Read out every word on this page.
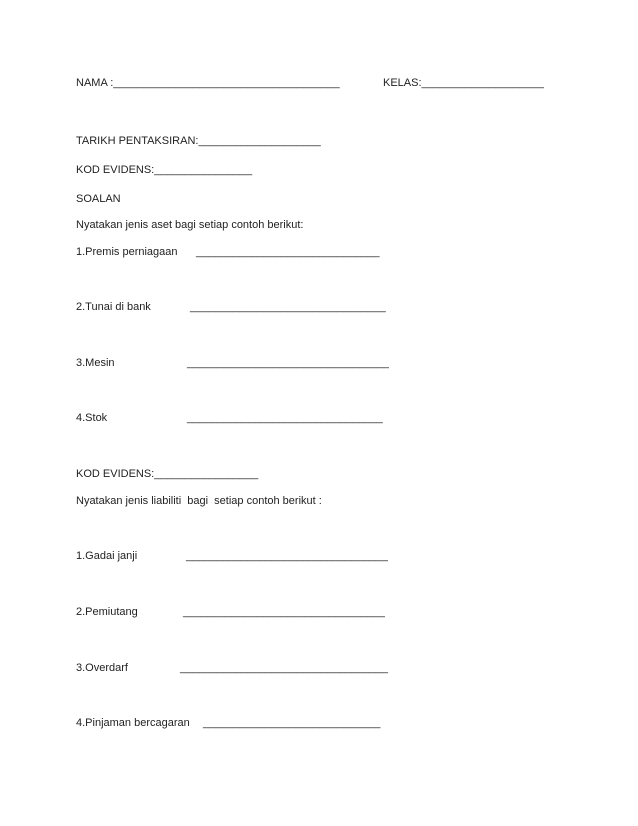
NAMA :_____________________________________	KELAS:____________________
TARIKH PENTAKSIRAN:____________________
KOD EVIDENS:________________
SOALAN
Nyatakan jenis aset bagi setiap contoh berikut:
1.Premis perniagaan ______________________________
2.Tunai di bank	________________________________
3.Mesin	_________________________________
4.Stok	________________________________
KOD EVIDENS:_________________
Nyatakan jenis liabiliti  bagi  setiap contoh berikut :
1.Gadai janji	_________________________________
2.Pemiutang	_________________________________
3.Overdarf	__________________________________
4.Pinjaman bercagaran _____________________________
